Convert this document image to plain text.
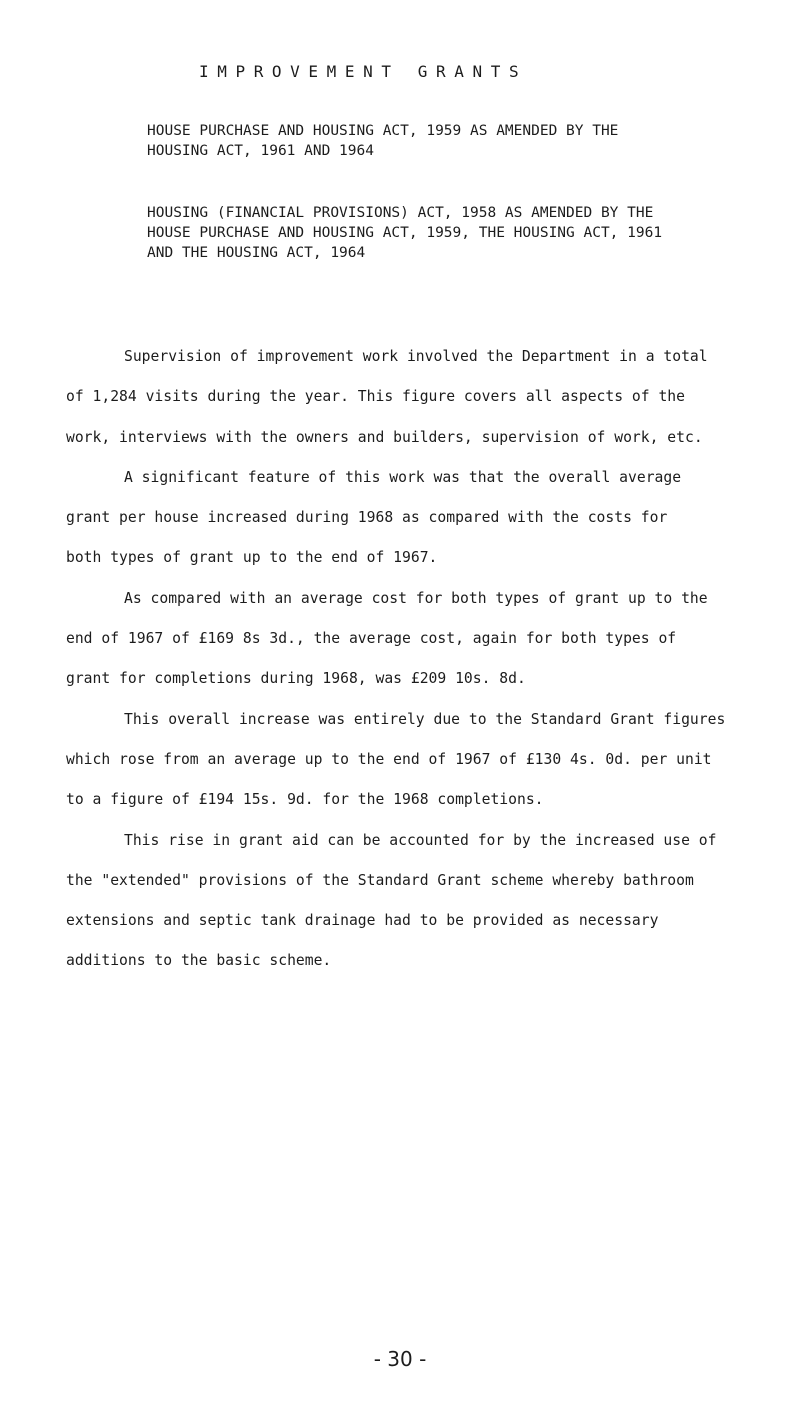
IMPROVEMENT GRANTS

HOUSE PURCHASE AND HOUSING ACT, 1959 AS AMENDED BY THE
HOUSING ACT, 1961 AND 1964

HOUSING (FINANCIAL PROVISIONS) ACT, 1958 AS AMENDED BY THE
HOUSE PURCHASE AND HOUSING ACT, 1959, THE HOUSING ACT, 1961
AND THE HOUSING ACT, 1964

Supervision of improvement work involved the Department in a total
of 1,284 visits during the year. This figure covers all aspects of the
work, interviews with the owners and builders, supervision of work, etc.
A significant feature of this work was that the overall average
grant per house increased during 1968 as compared with the costs for
both types of grant up to the end of 1967.
As compared with an average cost for both types of grant up to the
end of 1967 of £169 8s 3d., the average cost, again for both types of
grant for completions during 1968, was £209 10s. 8d.
This overall increase was entirely due to the Standard Grant figures
which rose from an average up to the end of 1967 of £130 4s. 0d. per unit
to a figure of £194 15s. 9d. for the 1968 completions.
This rise in grant aid can be accounted for by the increased use of
the "extended" provisions of the Standard Grant scheme whereby bathroom
extensions and septic tank drainage had to be provided as necessary
additions to the basic scheme.
- 30 -
